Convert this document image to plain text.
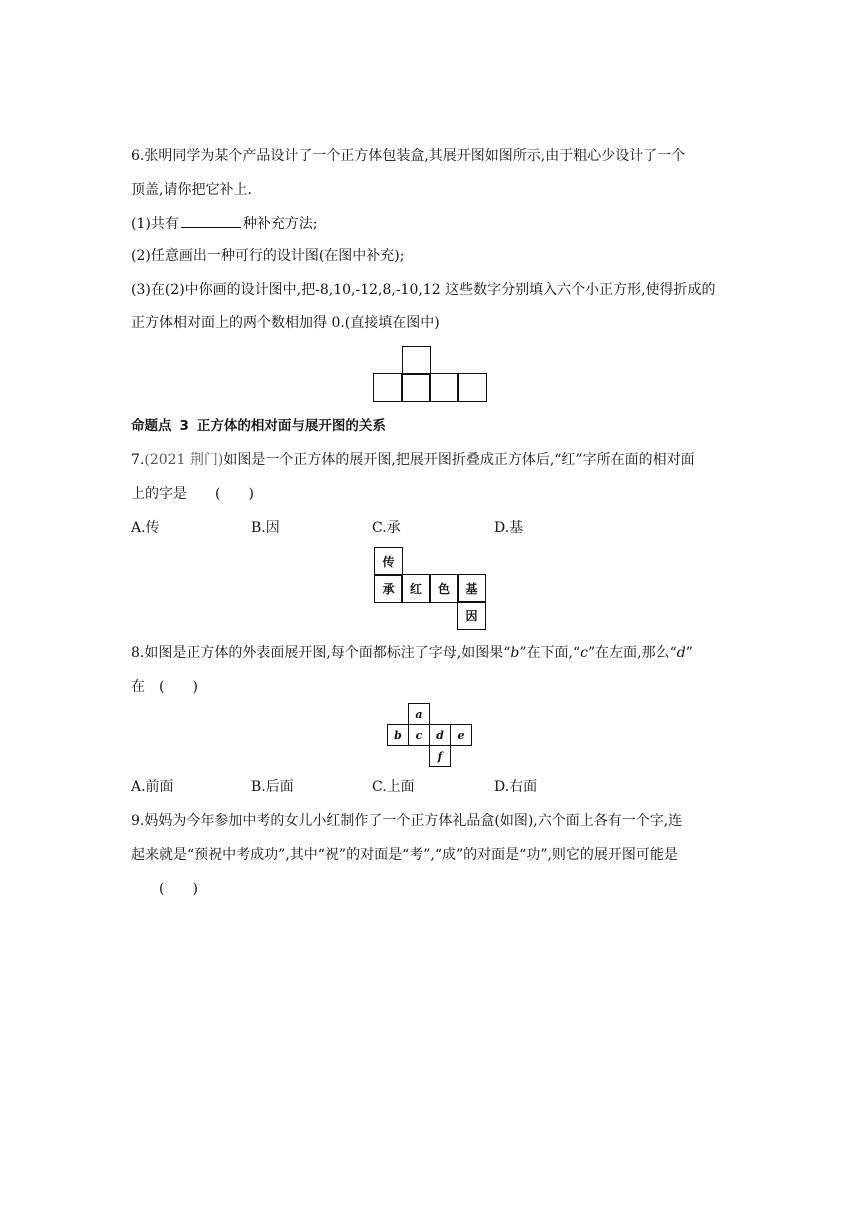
6.张明同学为某个产品设计了一个正方体包装盒,其展开图如图所示,由于粗心少设计了一个
顶盖,请你把它补上.
(1)共有	种补充方法;
(2)任意画出一种可行的设计图(在图中补充);
(3)在(2)中你画的设计图中,把-8,10,-12,8,-10,12 这些数字分别填入六个小正方形,使得折成的
正方体相对面上的两个数相加得 0.(直接填在图中)
命题点 3 正方体的相对面与展开图的关系
7.(2021 荆门)如图是一个正方体的展开图,把展开图折叠成正方体后,“红”字所在面的相对面
上的字是 (　　)
A.传	B.因	C.承	D.基
传
承	红	色	基
因
8.如图是正方体的外表面展开图,每个面都标注了字母,如图果“b”在下面,“c”在左面,那么“d”
在 (　　)
a
b	c	d	e
f
A.前面	B.后面	C.上面	D.右面
9.妈妈为今年参加中考的女儿小红制作了一个正方体礼品盒(如图),六个面上各有一个字,连
起来就是“预祝中考成功”,其中“祝”的对面是“考”,“成”的对面是“功”,则它的展开图可能是
(　　)
